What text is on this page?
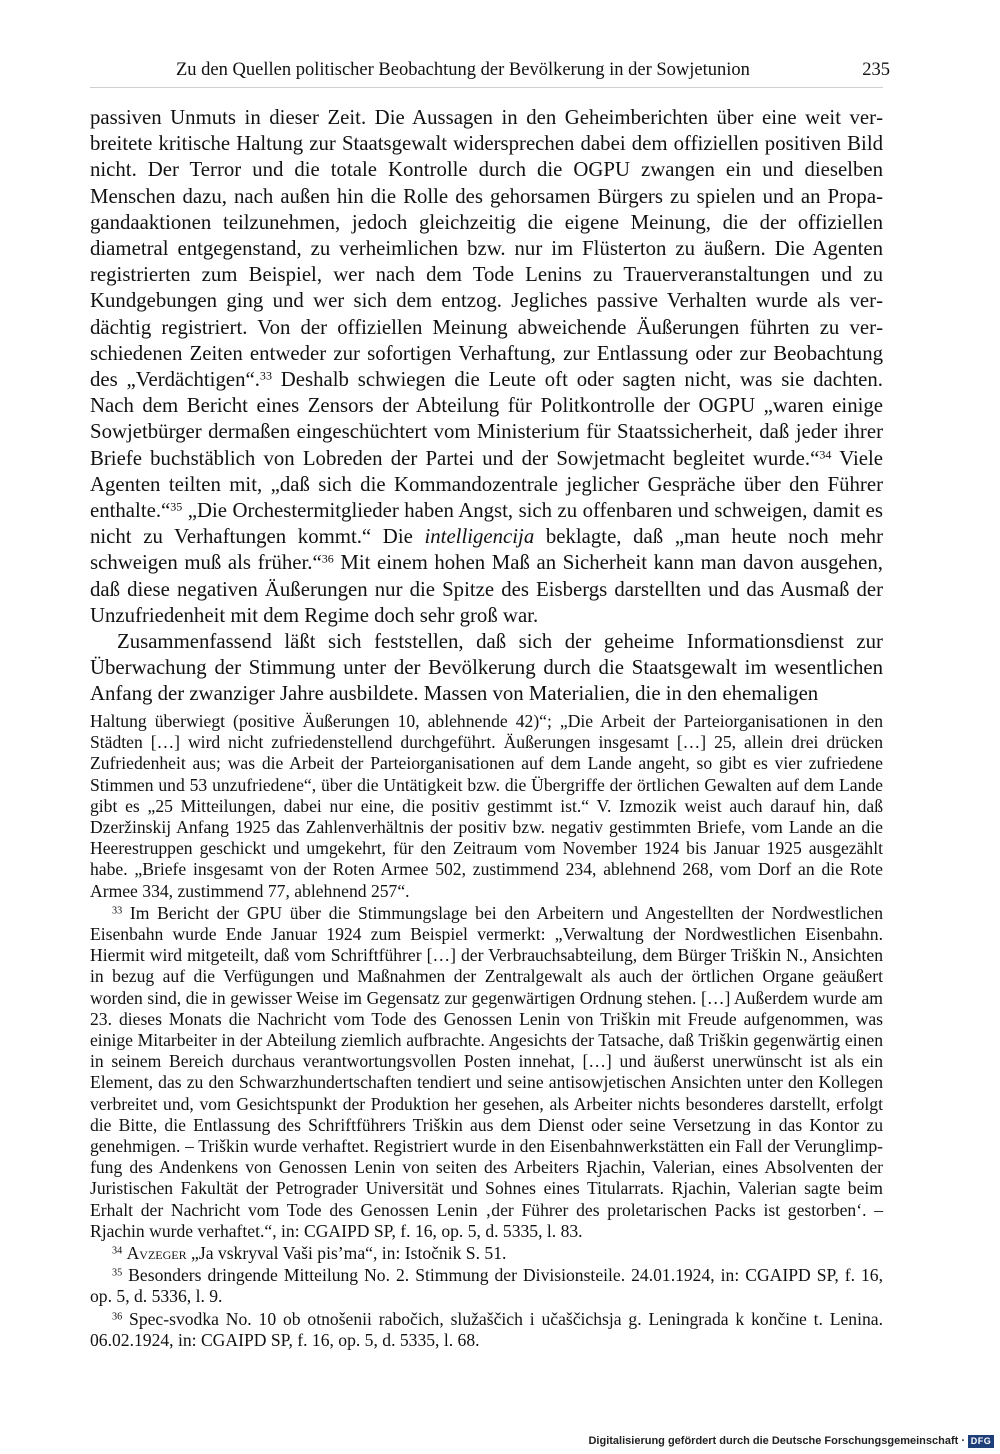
Zu den Quellen politischer Beobachtung der Bevölkerung in der Sowjetunion	235

passiven Unmuts in dieser Zeit. Die Aussagen in den Geheimberichten über eine weit verbreitete kritische Haltung zur Staatsgewalt widersprechen dabei dem offiziellen positiven Bild nicht. Der Terror und die totale Kontrolle durch die OGPU zwangen ein und dieselben Menschen dazu, nach außen hin die Rolle des gehorsamen Bürgers zu spielen und an Propagandaaktionen teilzunehmen, jedoch gleichzeitig die eigene Meinung, die der offiziellen diametral entgegenstand, zu verheimlichen bzw. nur im Flüsterton zu äußern. Die Agenten registrierten zum Beispiel, wer nach dem Tode Lenins zu Trauerveranstaltungen und zu Kundgebungen ging und wer sich dem entzog. Jegliches passive Verhalten wurde als verdächtig registriert. Von der offiziellen Meinung abweichende Äußerungen führten zu verschiedenen Zeiten entweder zur sofortigen Verhaftung, zur Entlassung oder zur Beobachtung des „Verdächtigen“.$^{33}$ Deshalb schwiegen die Leute oft oder sagten nicht, was sie dachten. Nach dem Bericht eines Zensors der Abteilung für Politkontrolle der OGPU „waren einige Sowjetbürger dermaßen eingeschüchtert vom Ministerium für Staatssicherheit, daß jeder ihrer Briefe buchstäblich von Lobreden der Partei und der Sowjetmacht begleitet wurde.“$^{34}$ Viele Agenten teilten mit, „daß sich die Kommandozentrale jeglicher Gespräche über den Führer enthalte.“$^{35}$ „Die Orchestermitglieder haben Angst, sich zu offenbaren und schweigen, damit es nicht zu Verhaftungen kommt.“ Die intelligencija beklagte, daß „man heute noch mehr schweigen muß als früher.“$^{36}$ Mit einem hohen Maß an Sicherheit kann man davon ausgehen, daß diese negativen Äußerungen nur die Spitze des Eisbergs darstellten und das Ausmaß der Unzufriedenheit mit dem Regime doch sehr groß war.

Zusammenfassend läßt sich feststellen, daß sich der geheime Informationsdienst zur Überwachung der Stimmung unter der Bevölkerung durch die Staatsgewalt im wesentlichen Anfang der zwanziger Jahre ausbildete. Massen von Materialien, die in den ehemaligen

Haltung überwiegt (positive Äußerungen 10, ablehnende 42)“; „Die Arbeit der Parteiorganisationen in den Städten […] wird nicht zufriedenstellend durchgeführt. Äußerungen insgesamt […] 25, allein drei drücken Zufriedenheit aus; was die Arbeit der Parteiorganisationen auf dem Lande angeht, so gibt es vier zufriedene Stimmen und 53 unzufriedene“, über die Untätigkeit bzw. die Übergriffe der örtlichen Gewalten auf dem Lande gibt es „25 Mitteilungen, dabei nur eine, die positiv gestimmt ist.“ V. Izmozik weist auch darauf hin, daß Dzeržinskij Anfang 1925 das Zahlenverhältnis der positiv bzw. negativ gestimmten Briefe, vom Lande an die Heerestruppen geschickt und umgekehrt, für den Zeitraum vom November 1924 bis Januar 1925 ausgezählt habe. „Briefe insgesamt von der Roten Armee 502, zustimmend 234, ablehnend 268, vom Dorf an die Rote Armee 334, zustimmend 77, ablehnend 257“.

$^{33}$ Im Bericht der GPU über die Stimmungslage bei den Arbeitern und Angestellten der Nordwestlichen Eisenbahn wurde Ende Januar 1924 zum Beispiel vermerkt: „Verwaltung der Nordwestlichen Eisenbahn. Hiermit wird mitgeteilt, daß vom Schriftführer […] der Verbrauchsabteilung, dem Bürger Triškin N., Ansichten in bezug auf die Verfügungen und Maßnahmen der Zentralgewalt als auch der örtlichen Organe geäußert worden sind, die in gewisser Weise im Gegensatz zur gegenwärtigen Ordnung stehen. […] Außerdem wurde am 23. dieses Monats die Nachricht vom Tode des Genossen Lenin von Triškin mit Freude aufgenommen, was einige Mitarbeiter in der Abteilung ziemlich aufbrachte. Angesichts der Tatsache, daß Triškin gegenwärtig einen in seinem Bereich durchaus verantwortungsvollen Posten innehat, […] und äußerst unerwünscht ist als ein Element, das zu den Schwarzhundertschaften tendiert und seine antisowjetischen Ansichten unter den Kollegen verbreitet und, vom Gesichtspunkt der Produktion her gesehen, als Arbeiter nichts besonderes darstellt, erfolgt die Bitte, die Entlassung des Schriftführers Triškin aus dem Dienst oder seine Versetzung in das Kontor zu genehmigen. – Triškin wurde verhaftet. Registriert wurde in den Eisenbahnwerkstätten ein Fall der Verunglimpfung des Andenkens von Genossen Lenin von seiten des Arbeiters Rjachin, Valerian, eines Absolventen der Juristischen Fakultät der Petrograder Universität und Sohnes eines Titularrats. Rjachin, Valerian sagte beim Erhalt der Nachricht vom Tode des Genossen Lenin ‚der Führer des proletarischen Packs ist gestorben‘. – Rjachin wurde verhaftet.“, in: CGAIPD SP, f. 16, op. 5, d. 5335, l. 83.

$^{34}$ Avzeger „Ja vskryval Vaši pis’ma“, in: Istočnik S. 51.

$^{35}$ Besonders dringende Mitteilung No. 2. Stimmung der Divisionsteile. 24.01.1924, in: CGAIPD SP, f. 16, op. 5, d. 5336, l. 9.

$^{36}$ Spec-svodka No. 10 ob otnošenii rabočich, služaščich i učaščichsja g. Leningrada k končine t. Lenina. 06.02.1924, in: CGAIPD SP, f. 16, op. 5, d. 5335, l. 68.

Digitalisierung gefördert durch die Deutsche Forschungsgemeinschaft · DFG
